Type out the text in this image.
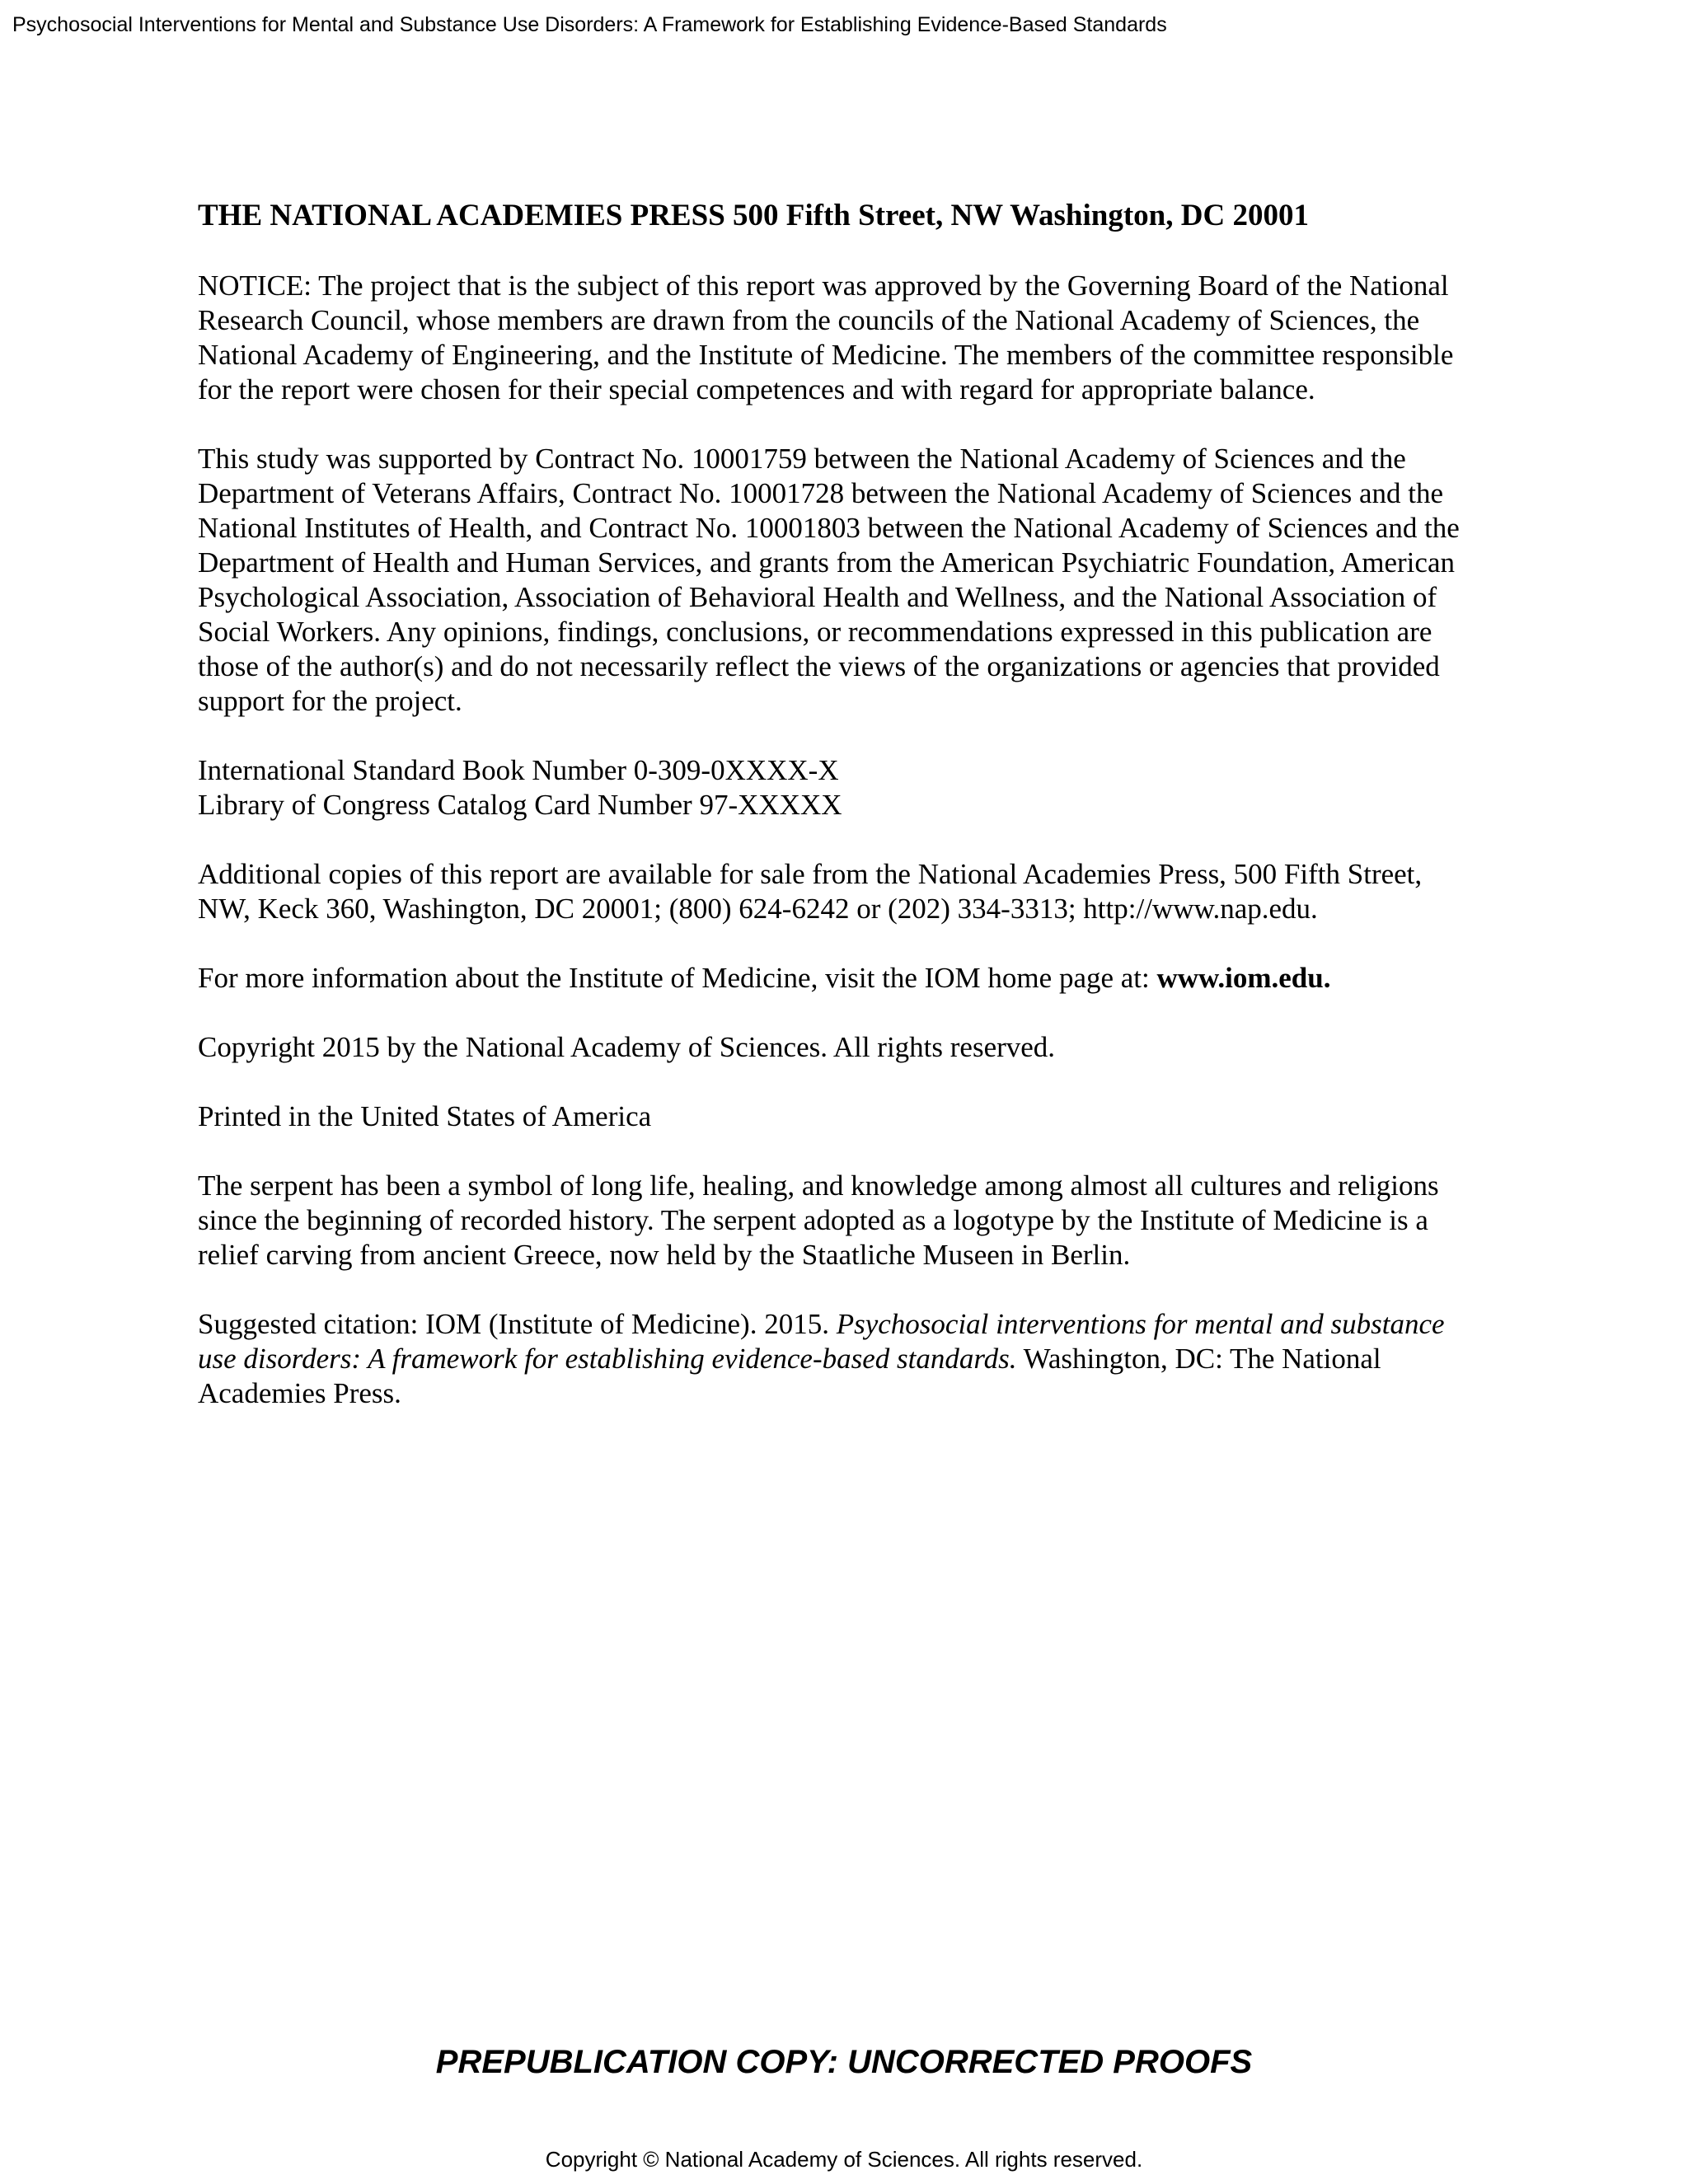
Psychosocial Interventions for Mental and Substance Use Disorders: A Framework for Establishing Evidence-Based Standards
THE NATIONAL ACADEMIES PRESS 500 Fifth Street, NW Washington, DC 20001
NOTICE: The project that is the subject of this report was approved by the Governing Board of the National
Research Council, whose members are drawn from the councils of the National Academy of Sciences, the
National Academy of Engineering, and the Institute of Medicine. The members of the committee responsible
for the report were chosen for their special competences and with regard for appropriate balance.
This study was supported by Contract No. 10001759 between the National Academy of Sciences and the
Department of Veterans Affairs, Contract No. 10001728 between the National Academy of Sciences and the
National Institutes of Health, and Contract No. 10001803 between the National Academy of Sciences and the
Department of Health and Human Services, and grants from the American Psychiatric Foundation, American
Psychological Association, Association of Behavioral Health and Wellness, and the National Association of
Social Workers. Any opinions, findings, conclusions, or recommendations expressed in this publication are
those of the author(s) and do not necessarily reflect the views of the organizations or agencies that provided
support for the project.
International Standard Book Number 0-309-0XXXX-X
Library of Congress Catalog Card Number 97-XXXXX
Additional copies of this report are available for sale from the National Academies Press, 500 Fifth Street,
NW, Keck 360, Washington, DC 20001; (800) 624-6242 or (202) 334-3313; http://www.nap.edu.
For more information about the Institute of Medicine, visit the IOM home page at: www.iom.edu.
Copyright 2015 by the National Academy of Sciences. All rights reserved.
Printed in the United States of America
The serpent has been a symbol of long life, healing, and knowledge among almost all cultures and religions
since the beginning of recorded history. The serpent adopted as a logotype by the Institute of Medicine is a
relief carving from ancient Greece, now held by the Staatliche Museen in Berlin.
Suggested citation: IOM (Institute of Medicine). 2015. Psychosocial interventions for mental and substance
use disorders: A framework for establishing evidence-based standards. Washington, DC: The National
Academies Press.
PREPUBLICATION COPY: UNCORRECTED PROOFS
Copyright © National Academy of Sciences. All rights reserved.
